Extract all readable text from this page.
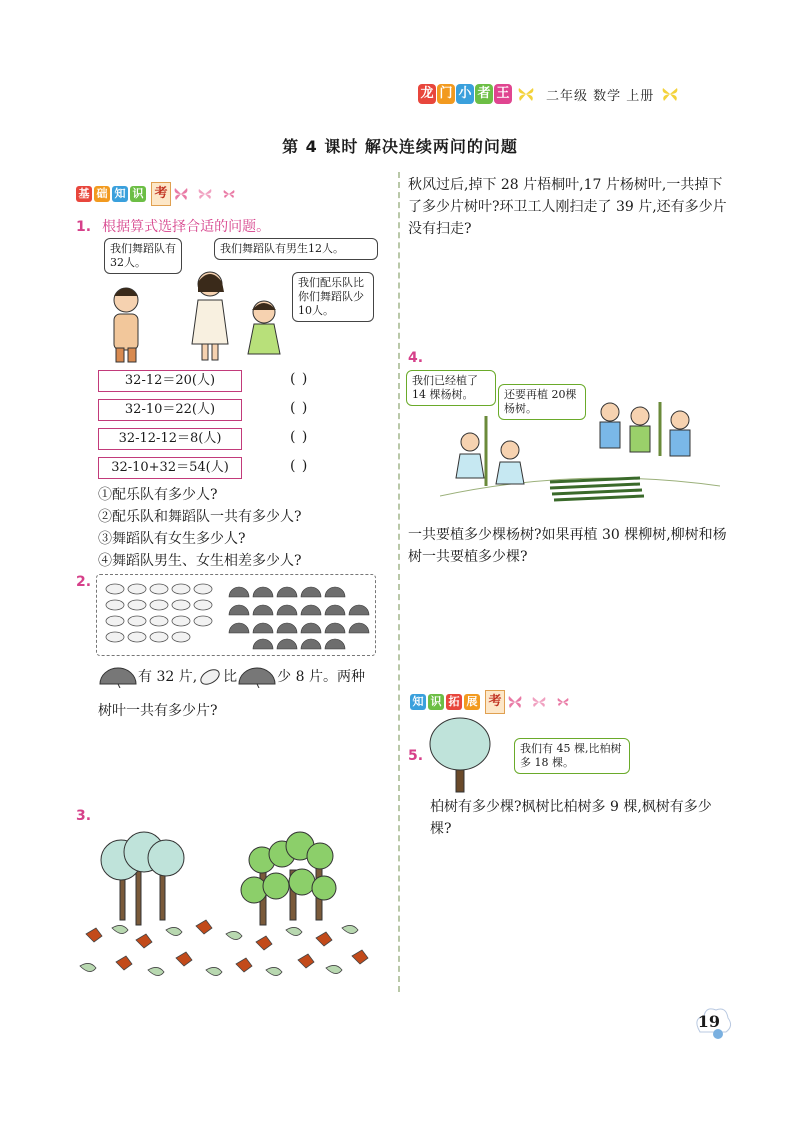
龙 门 小 者 王	二年级 数学 上册
第 4 课时 解决连续两问的问题
基 础 知 识 考
1. 根据算式选择合适的问题。
我们舞蹈队有32人。
我们舞蹈队有男生12人。
我们配乐队比你们舞蹈队少10人。
32-12＝20(人)	( )
32-10＝22(人)	( )
32-12-12＝8(人)	( )
32-10+32＝54(人)	( )
①配乐队有多少人?
②配乐队和舞蹈队一共有多少人?
③舞蹈队有女生多少人?
④舞蹈队男生、女生相差多少人?
2.
有 32 片, 比	少 8 片。两种
树叶一共有多少片?
3.
秋风过后,掉下 28 片梧桐叶,17 片杨树叶,一共掉下了多少片树叶?环卫工人刚扫走了 39 片,还有多少片没有扫走?
4.
我们已经植了14 棵杨树。	还要再植 20棵杨树。
一共要植多少棵杨树?如果再植 30 棵柳树,柳树和杨树一共要植多少棵?
知 识 拓 展 考
5.	我们有 45 棵,比柏树多 18 棵。
柏树有多少棵?枫树比柏树多 9 棵,枫树有多少棵?
19
